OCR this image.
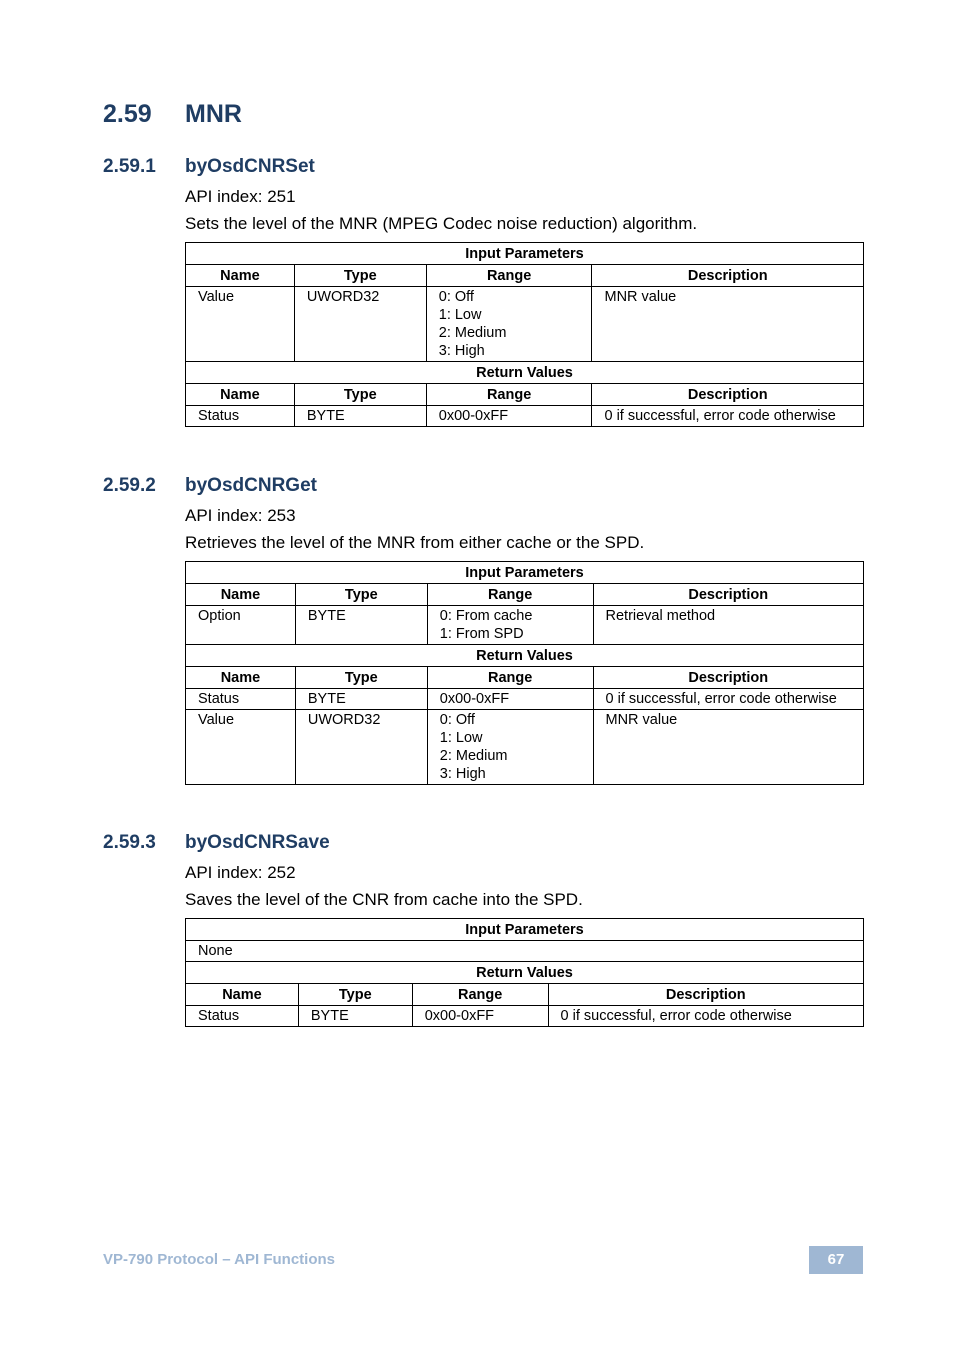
2.59 MNR
2.59.1 byOsdCNRSet
API index: 251
Sets the level of the MNR (MPEG Codec noise reduction) algorithm.
Input Parameters			
Name	Type	Range	Description
Value	UWORD32	0: Off
1: Low
2: Medium
3: High	MNR value
Return Values			
Name	Type	Range	Description
Status	BYTE	0x00-0xFF	0 if successful, error code otherwise
2.59.2 byOsdCNRGet
API index: 253
Retrieves the level of the MNR from either cache or the SPD.
Input Parameters			
Name	Type	Range	Description
Option	BYTE	0: From cache
1: From SPD	Retrieval method
Return Values			
Name	Type	Range	Description
Status	BYTE	0x00-0xFF	0 if successful, error code otherwise
Value	UWORD32	0: Off
1: Low
2: Medium
3: High	MNR value
2.59.3 byOsdCNRSave
API index: 252
Saves the level of the CNR from cache into the SPD.
Input Parameters			
None			
Return Values			
Name	Type	Range	Description
Status	BYTE	0x00-0xFF	0 if successful, error code otherwise
VP-790 Protocol – API Functions	67
